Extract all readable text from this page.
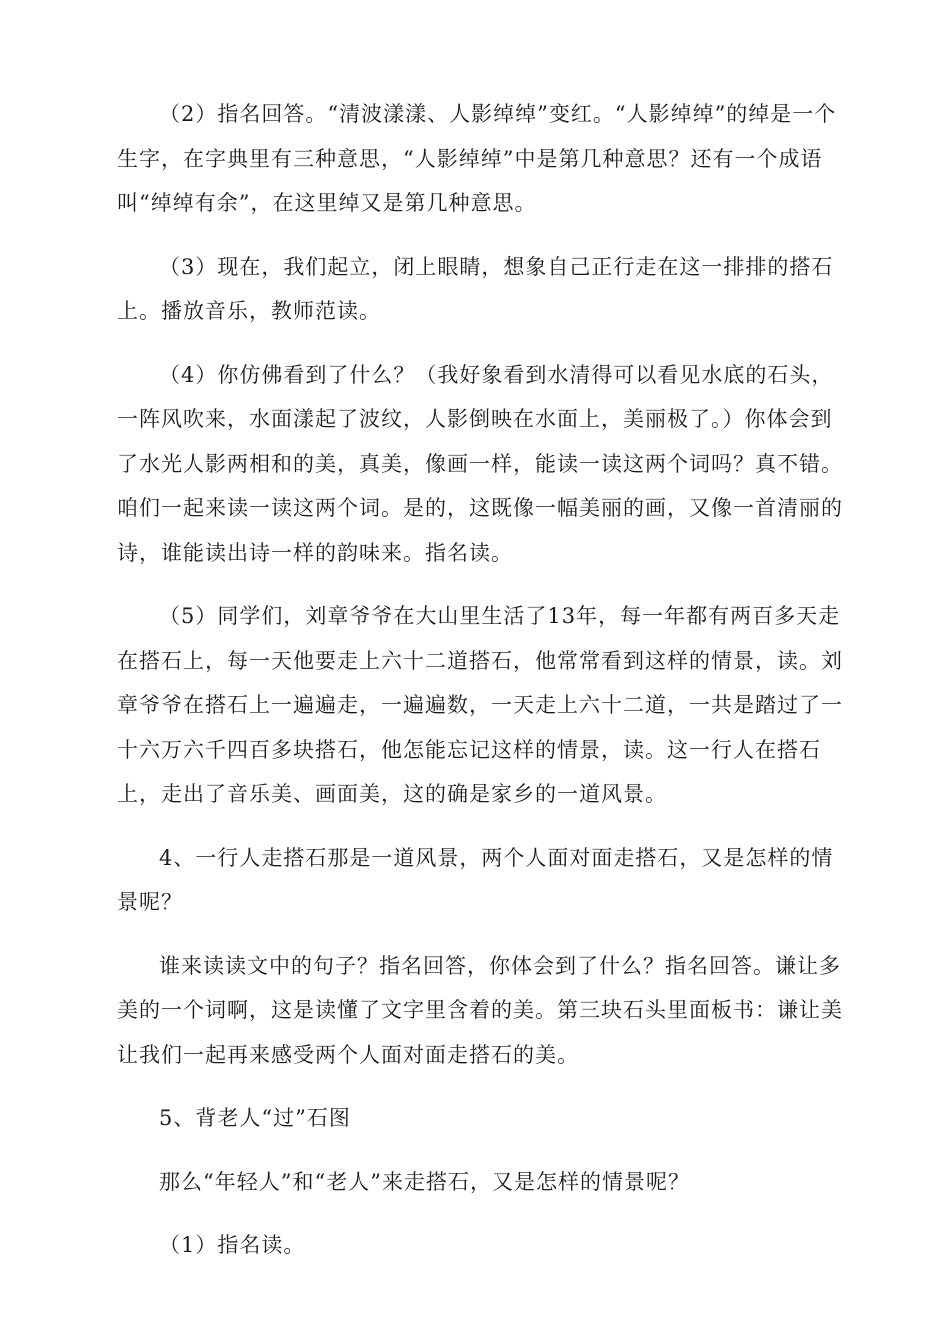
（2）指名回答。“清波漾漾、人影绰绰”变红。“人影绰绰”的绰是一个生字，在字典里有三种意思，“人影绰绰”中是第几种意思？还有一个成语叫“绰绰有余”，在这里绰又是第几种意思。

（3）现在，我们起立，闭上眼睛，想象自己正行走在这一排排的搭石上。播放音乐，教师范读。

（4）你仿佛看到了什么？（我好象看到水清得可以看见水底的石头，一阵风吹来，水面漾起了波纹，人影倒映在水面上，美丽极了。）你体会到了水光人影两相和的美，真美，像画一样，能读一读这两个词吗？真不错。咱们一起来读一读这两个词。是的，这既像一幅美丽的画，又像一首清丽的诗，谁能读出诗一样的韵味来。指名读。

（5）同学们，刘章爷爷在大山里生活了13年，每一年都有两百多天走在搭石上，每一天他要走上六十二道搭石，他常常看到这样的情景，读。刘章爷爷在搭石上一遍遍走，一遍遍数，一天走上六十二道，一共是踏过了一十六万六千四百多块搭石，他怎能忘记这样的情景，读。这一行人在搭石上，走出了音乐美、画面美，这的确是家乡的一道风景。

4、一行人走搭石那是一道风景，两个人面对面走搭石，又是怎样的情景呢？

谁来读读文中的句子？指名回答，你体会到了什么？指名回答。谦让多美的一个词啊，这是读懂了文字里含着的美。第三块石头里面板书：谦让美让我们一起再来感受两个人面对面走搭石的美。

5、背老人“过”石图

那么“年轻人”和“老人”来走搭石，又是怎样的情景呢？

（1）指名读。
